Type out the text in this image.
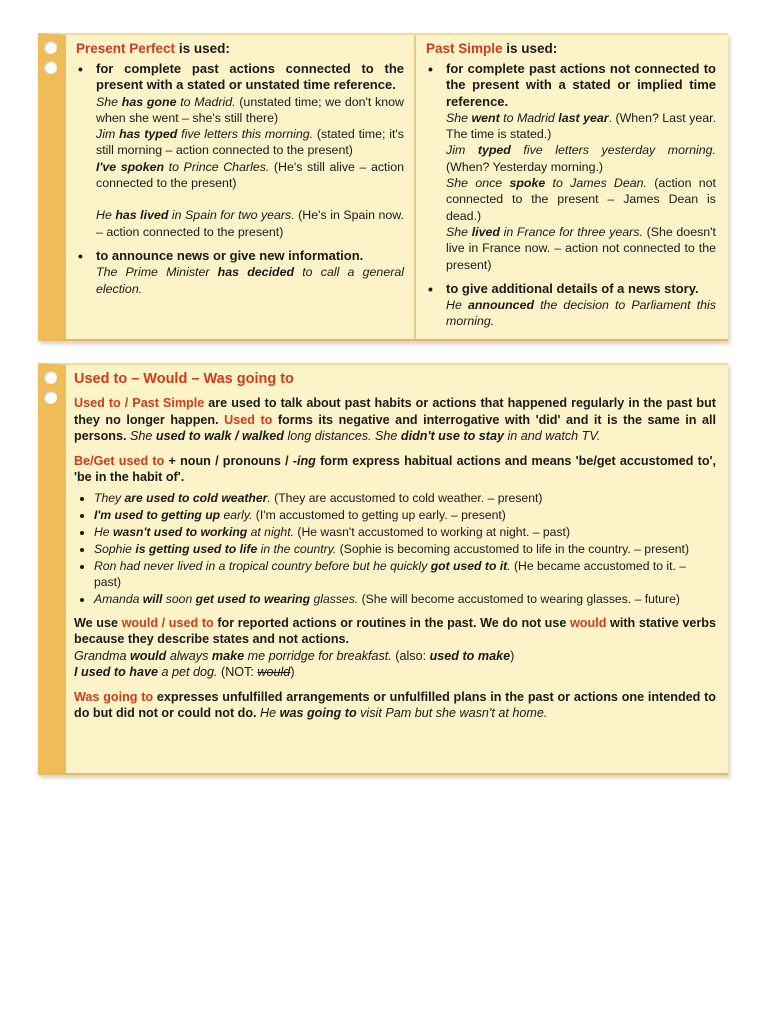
Present Perfect is used:
• for complete past actions connected to the present with a stated or unstated time reference.

She has gone to Madrid. (unstated time; we don't know when she went – she's still there)

Jim has typed five letters this morning. (stated time; it's still morning – action connected to the present)

I've spoken to Prince Charles. (He's still alive – action connected to the present)

He has lived in Spain for two years. (He's in Spain now. – action connected to the present)

• to announce news or give new information.

The Prime Minister has decided to call a general election.

Past Simple is used:
• for complete past actions not connected to the present with a stated or implied time reference.

She went to Madrid last year. (When? Last year. The time is stated.)

Jim typed five letters yesterday morning. (When? Yesterday morning.)

She once spoke to James Dean. (action not connected to the present – James Dean is dead.)

She lived in France for three years. (She doesn't live in France now. – action not connected to the present)

• to give additional details of a news story.

He announced the decision to Parliament this morning.

Used to – Would – Was going to

Used to / Past Simple are used to talk about past habits or actions that happened regularly in the past but they no longer happen. Used to forms its negative and interrogative with 'did' and it is the same in all persons. She used to walk / walked long distances. She didn't use to stay in and watch TV.

Be/Get used to + noun / pronouns / -ing form express habitual actions and means 'be/get accustomed to', 'be in the habit of'.

• They are used to cold weather. (They are accustomed to cold weather. – present)
• I'm used to getting up early. (I'm accustomed to getting up early. – present)
• He wasn't used to working at night. (He wasn't accustomed to working at night. – past)
• Sophie is getting used to life in the country. (Sophie is becoming accustomed to life in the country. – present)
• Ron had never lived in a tropical country before but he quickly got used to it. (He became accustomed to it. – past)
• Amanda will soon get used to wearing glasses. (She will become accustomed to wearing glasses. – future)

We use would / used to for reported actions or routines in the past. We do not use would with stative verbs because they describe states and not actions.
Grandma would always make me porridge for breakfast. (also: used to make)
I used to have a pet dog. (NOT: would)

Was going to expresses unfulfilled arrangements or unfulfilled plans in the past or actions one intended to do but did not or could not do. He was going to visit Pam but she wasn't at home.
